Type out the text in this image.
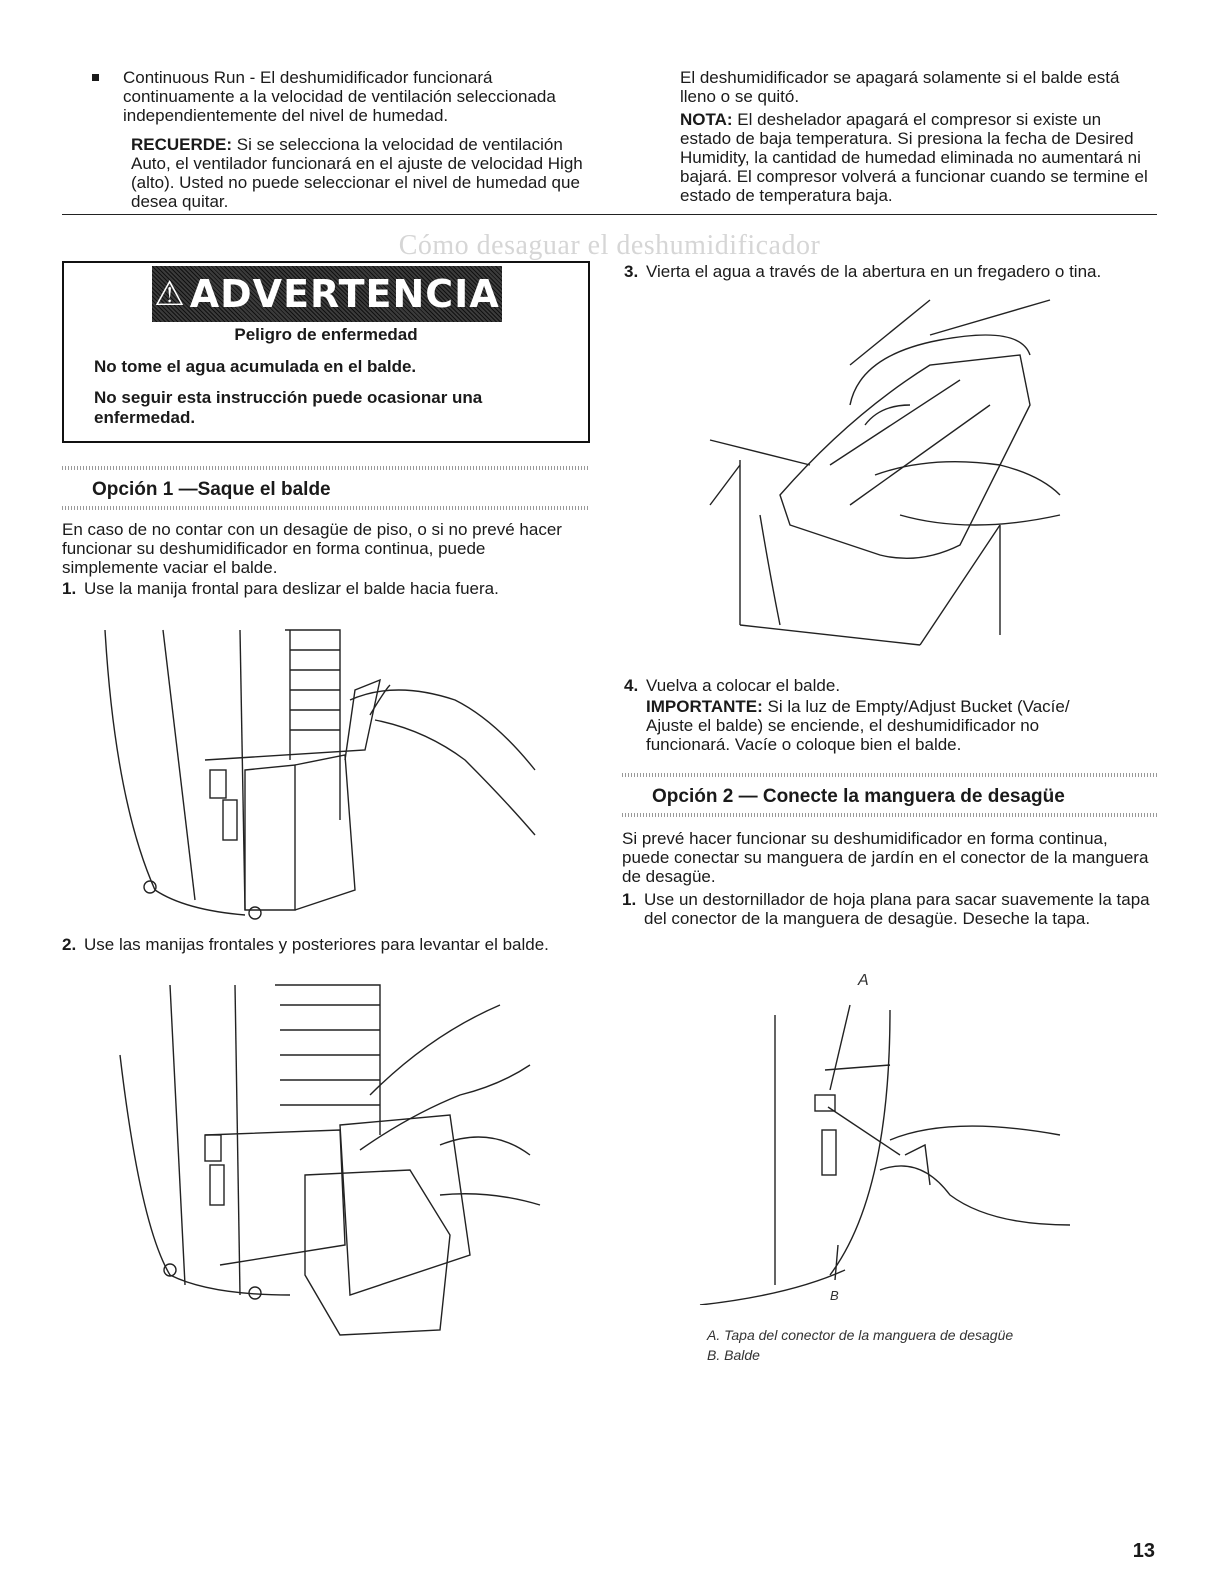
Continuous Run - El deshumidificador funcionará continuamente a la velocidad de ventilación seleccionada independientemente del nivel de humedad.

RECUERDE: Si se selecciona la velocidad de ventilación Auto, el ventilador funcionará en el ajuste de velocidad High (alto). Usted no puede seleccionar el nivel de humedad que desea quitar.

El deshumidificador se apagará solamente si el balde está lleno o se quitó.

NOTA: El deshelador apagará el compresor si existe un estado de baja temperatura. Si presiona la fecha de Desired Humidity, la cantidad de humedad eliminada no aumentará ni bajará. El compresor volverá a funcionar cuando se termine el estado de temperatura baja.

Cómo desaguar el deshumidificador
⚠ ADVERTENCIA
Peligro de enfermedad
No tome el agua acumulada en el balde.
No seguir esta instrucción puede ocasionar una enfermedad.
Opción 1 —Saque el balde

En caso de no contar con un desagüe de piso, o si no prevé hacer funcionar su deshumidificador en forma continua, puede simplemente vaciar el balde.

1. Use la manija frontal para deslizar el balde hacia fuera.

2. Use las manijas frontales y posteriores para levantar el balde.
3. Vierta el agua a través de la abertura en un fregadero o tina.

4. Vuelva a colocar el balde.

IMPORTANTE: Si la luz de Empty/Adjust Bucket (Vacíe/ Ajuste el balde) se enciende, el deshumidificador no funcionará. Vacíe o coloque bien el balde.

Opción 2 — Conecte la manguera de desagüe

Si prevé hacer funcionar su deshumidificador en forma continua, puede conectar su manguera de jardín en el conector de la manguera de desagüe.

1. Use un destornillador de hoja plana para sacar suavemente la tapa del conector de la manguera de desagüe. Deseche la tapa.

A
B
A. Tapa del conector de la manguera de desagüe
B. Balde
13
